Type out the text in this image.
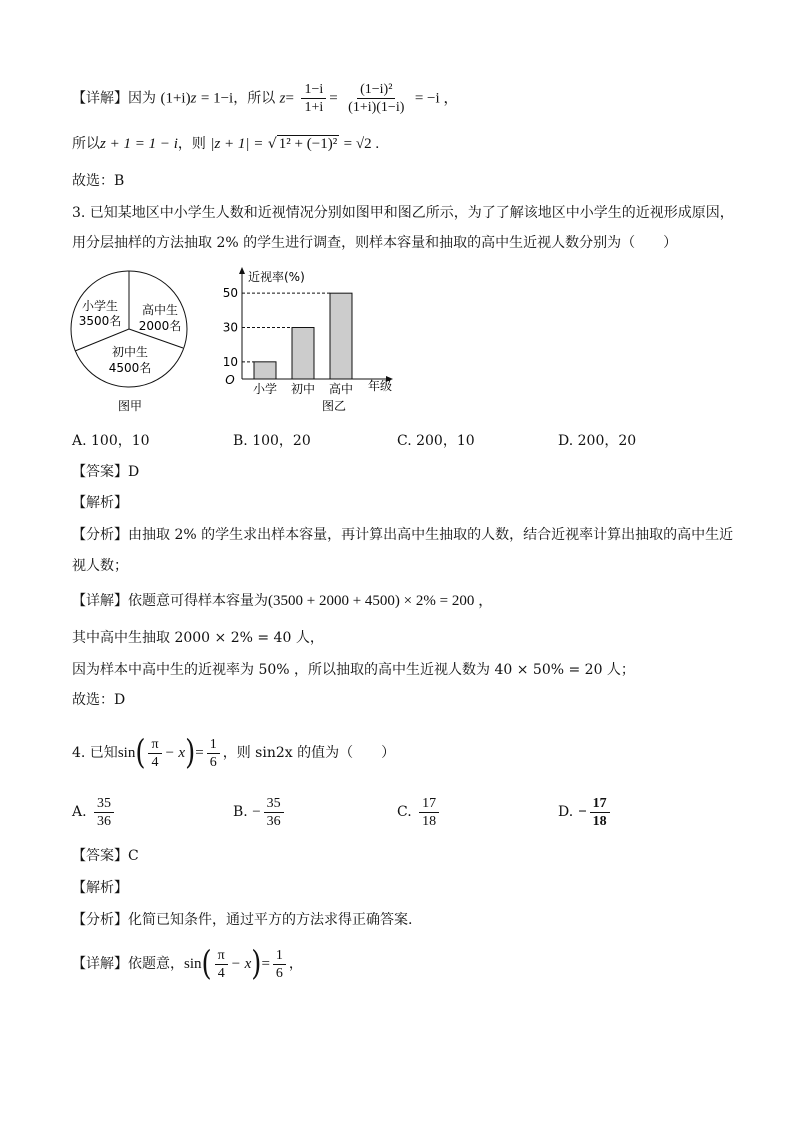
【详解】因为 (1+i)z = 1−i，所以 $z= \frac{1-i}{1+i} = \frac{\text{(1−i)²}}{(1+i)(1-i)} = -i$ ，
所以z + 1 = 1 − i，则 |z + 1| = √ 1² + (−1)² = √2 .
故选：B
3. 已知某地区中小学生人数和近视情况分别如图甲和图乙所示，为了了解该地区中小学生的近视形成原因，
用分层抽样的方法抽取 2% 的学生进行调查，则样本容量和抽取的高中生近视人数分别为（　　）
小学生
3500名
高中生
2000名
初中生
4500名
图甲
近视率(%)
O	年级
小学 初中 高中
10
30
50
图乙
A. 100，10	B. 100，20	C. 200，10	D. 200，20
【答案】D
【解析】
【分析】由抽取 2% 的学生求出样本容量，再计算出高中生抽取的人数，结合近视率计算出抽取的高中生近
视人数；
【详解】依题意可得样本容量为(3500 + 2000 + 4500) × 2% = 200 ，
其中高中生抽取 2000 × 2% = 40 人，
因为样本中高中生的近视率为 50% ，所以抽取的高中生近视人数为 40 × 50% = 20 人；
故选：D
4. 已知$\sin( \frac{\pi}{4} - x)= \frac{1}{6}$ ，则 sin2x 的值为（　　）
A. $\frac{35}{36}$	B. − $\frac{35}{36}$	C. $\frac{17}{18}$	D. − $\frac{17}{18}$
【答案】C
【解析】
【分析】化简已知条件，通过平方的方法求得正确答案.
【详解】依题意，$\sin( \frac{\pi}{4} - x)= \frac{1}{6}$ ，
